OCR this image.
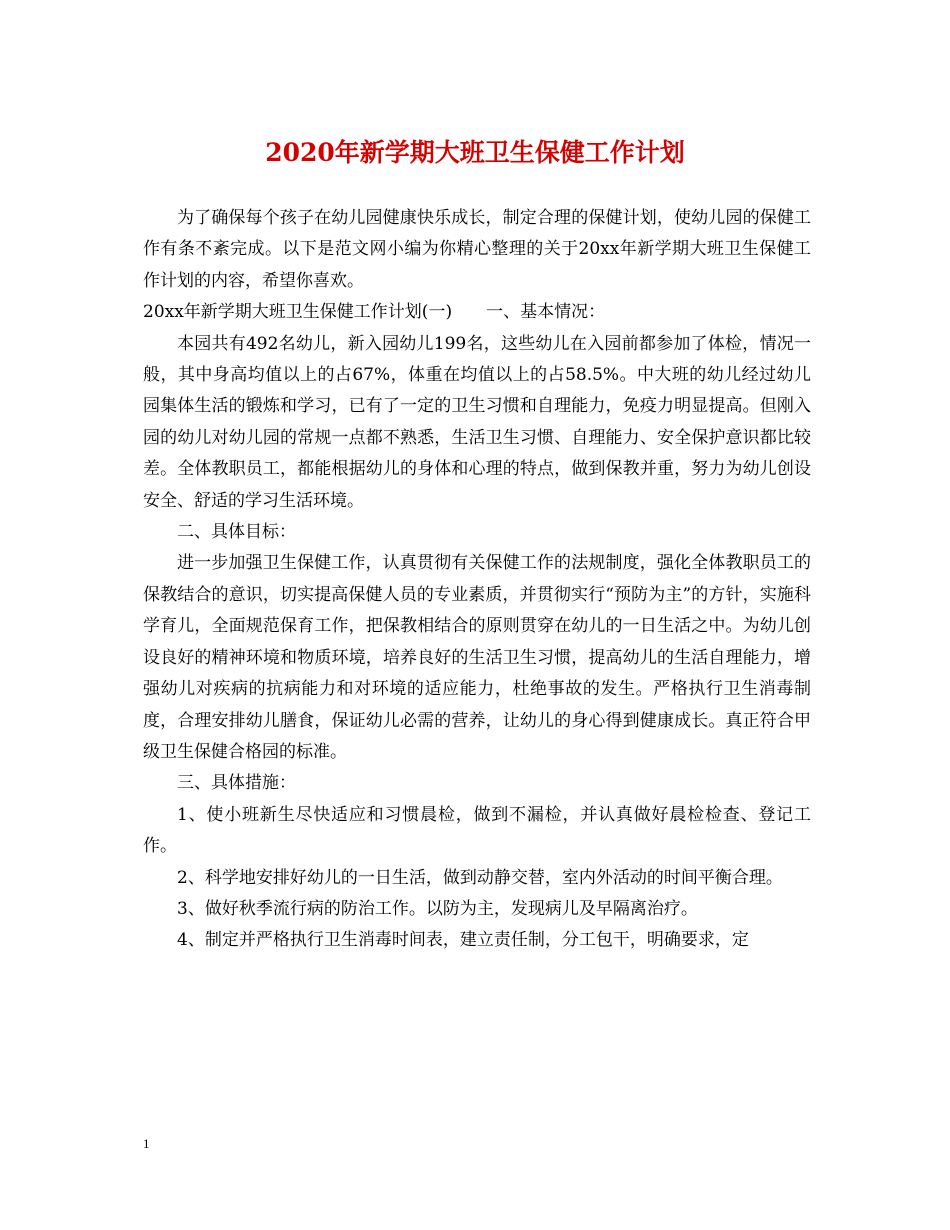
2020年新学期大班卫生保健工作计划

为了确保每个孩子在幼儿园健康快乐成长，制定合理的保健计划，使幼儿园的保健工作有条不紊完成。以下是范文网小编为你精心整理的关于20xx年新学期大班卫生保健工作计划的内容，希望你喜欢。

20xx年新学期大班卫生保健工作计划(一)　　一、基本情况：

本园共有492名幼儿，新入园幼儿199名，这些幼儿在入园前都参加了体检，情况一般，其中身高均值以上的占67%，体重在均值以上的占58.5%。中大班的幼儿经过幼儿园集体生活的锻炼和学习，已有了一定的卫生习惯和自理能力，免疫力明显提高。但刚入园的幼儿对幼儿园的常规一点都不熟悉，生活卫生习惯、自理能力、安全保护意识都比较差。全体教职员工，都能根据幼儿的身体和心理的特点，做到保教并重，努力为幼儿创设安全、舒适的学习生活环境。

二、具体目标：

进一步加强卫生保健工作，认真贯彻有关保健工作的法规制度，强化全体教职员工的保教结合的意识，切实提高保健人员的专业素质，并贯彻实行“预防为主”的方针，实施科学育儿，全面规范保育工作，把保教相结合的原则贯穿在幼儿的一日生活之中。为幼儿创设良好的精神环境和物质环境，培养良好的生活卫生习惯，提高幼儿的生活自理能力，增强幼儿对疾病的抗病能力和对环境的适应能力，杜绝事故的发生。严格执行卫生消毒制度，合理安排幼儿膳食，保证幼儿必需的营养，让幼儿的身心得到健康成长。真正符合甲级卫生保健合格园的标准。

三、具体措施：

1、使小班新生尽快适应和习惯晨检，做到不漏检，并认真做好晨检检查、登记工作。

2、科学地安排好幼儿的一日生活，做到动静交替，室内外活动的时间平衡合理。

3、做好秋季流行病的防治工作。以防为主，发现病儿及早隔离治疗。

4、制定并严格执行卫生消毒时间表，建立责任制，分工包干，明确要求，定

1
